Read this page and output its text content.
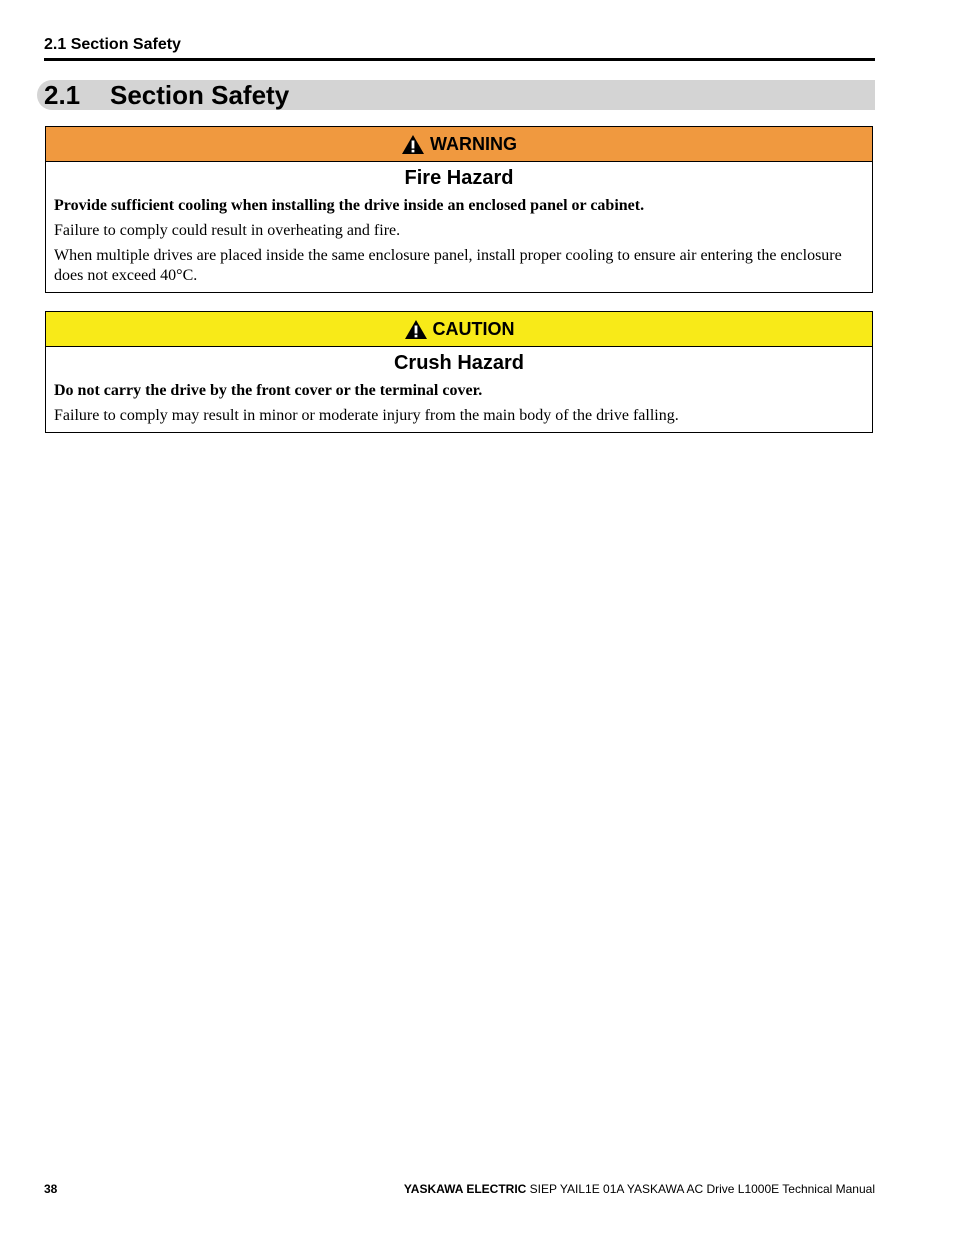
2.1 Section Safety
2.1 Section Safety
WARNING
Fire Hazard

Provide sufficient cooling when installing the drive inside an enclosed panel or cabinet.

Failure to comply could result in overheating and fire.

When multiple drives are placed inside the same enclosure panel, install proper cooling to ensure air entering the enclosure does not exceed 40°C.

CAUTION
Crush Hazard

Do not carry the drive by the front cover or the terminal cover.

Failure to comply may result in minor or moderate injury from the main body of the drive falling.

38	YASKAWA ELECTRIC SIEP YAIL1E 01A YASKAWA AC Drive L1000E Technical Manual
